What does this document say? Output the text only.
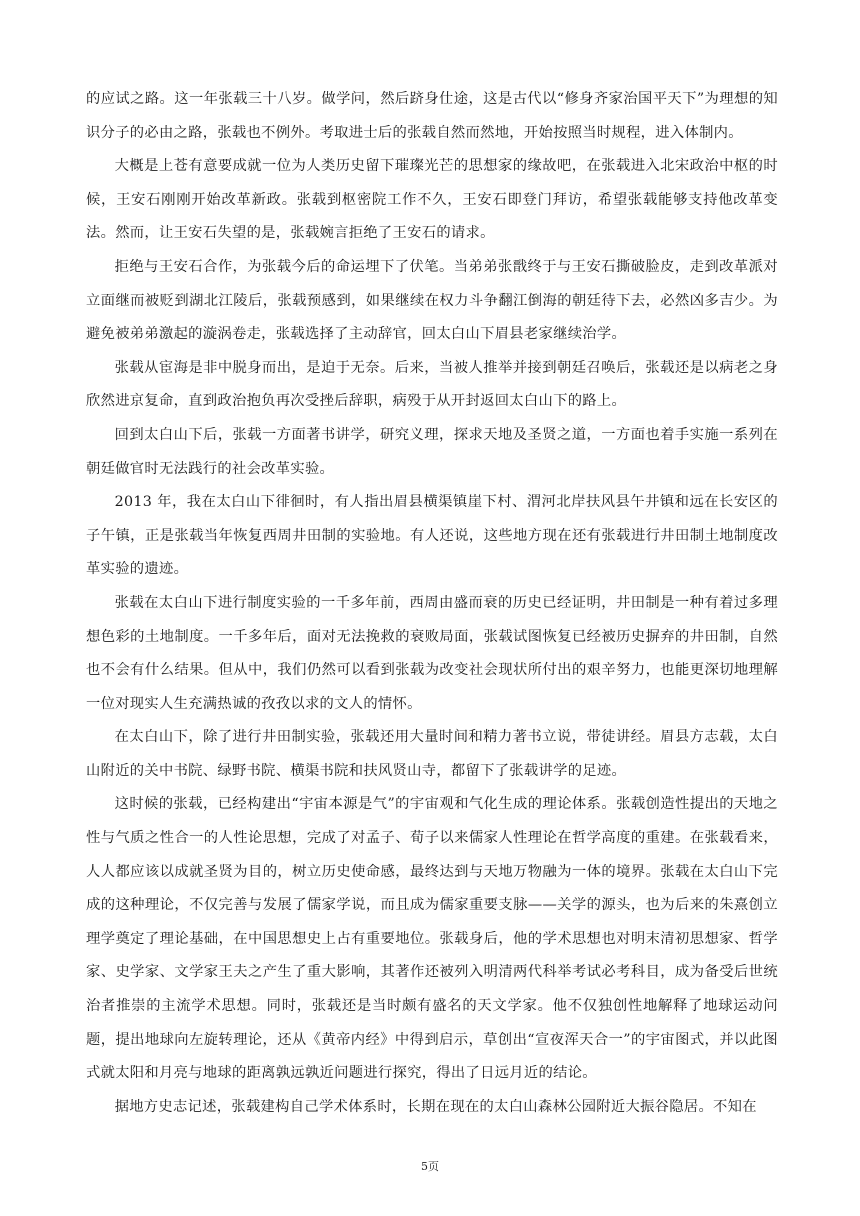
的应试之路。这一年张载三十八岁。做学问，然后跻身仕途，这是古代以“修身齐家治国平天下”为理想的知识分子的必由之路，张载也不例外。考取进士后的张载自然而然地，开始按照当时规程，进入体制内。

大概是上苍有意要成就一位为人类历史留下璀璨光芒的思想家的缘故吧，在张载进入北宋政治中枢的时候，王安石刚刚开始改革新政。张载到枢密院工作不久，王安石即登门拜访，希望张载能够支持他改革变法。然而，让王安石失望的是，张载婉言拒绝了王安石的请求。

拒绝与王安石合作，为张载今后的命运埋下了伏笔。当弟弟张戬终于与王安石撕破脸皮，走到改革派对立面继而被贬到湖北江陵后，张载预感到，如果继续在权力斗争翻江倒海的朝廷待下去，必然凶多吉少。为避免被弟弟激起的漩涡卷走，张载选择了主动辞官，回太白山下眉县老家继续治学。

张载从宦海是非中脱身而出，是迫于无奈。后来，当被人推举并接到朝廷召唤后，张载还是以病老之身欣然进京复命，直到政治抱负再次受挫后辞职，病殁于从开封返回太白山下的路上。

回到太白山下后，张载一方面著书讲学，研究义理，探求天地及圣贤之道，一方面也着手实施一系列在朝廷做官时无法践行的社会改革实验。

2013 年，我在太白山下徘徊时，有人指出眉县横渠镇崖下村、渭河北岸扶风县午井镇和远在长安区的子午镇，正是张载当年恢复西周井田制的实验地。有人还说，这些地方现在还有张载进行井田制土地制度改革实验的遗迹。

张载在太白山下进行制度实验的一千多年前，西周由盛而衰的历史已经证明，井田制是一种有着过多理想色彩的土地制度。一千多年后，面对无法挽救的衰败局面，张载试图恢复已经被历史摒弃的井田制，自然也不会有什么结果。但从中，我们仍然可以看到张载为改变社会现状所付出的艰辛努力，也能更深切地理解一位对现实人生充满热诚的孜孜以求的文人的情怀。

在太白山下，除了进行井田制实验，张载还用大量时间和精力著书立说，带徒讲经。眉县方志载，太白山附近的关中书院、绿野书院、横渠书院和扶风贤山寺，都留下了张载讲学的足迹。

这时候的张载，已经构建出“宇宙本源是气”的宇宙观和气化生成的理论体系。张载创造性提出的天地之性与气质之性合一的人性论思想，完成了对孟子、荀子以来儒家人性理论在哲学高度的重建。在张载看来，人人都应该以成就圣贤为目的，树立历史使命感，最终达到与天地万物融为一体的境界。张载在太白山下完成的这种理论，不仅完善与发展了儒家学说，而且成为儒家重要支脉——关学的源头，也为后来的朱熹创立理学奠定了理论基础，在中国思想史上占有重要地位。张载身后，他的学术思想也对明末清初思想家、哲学家、史学家、文学家王夫之产生了重大影响，其著作还被列入明清两代科举考试必考科目，成为备受后世统治者推崇的主流学术思想。同时，张载还是当时颇有盛名的天文学家。他不仅独创性地解释了地球运动问题，提出地球向左旋转理论，还从《黄帝内经》中得到启示，草创出“宣夜浑天合一”的宇宙图式，并以此图式就太阳和月亮与地球的距离孰远孰近问题进行探究，得出了日远月近的结论。

据地方史志记述，张载建构自己学术体系时，长期在现在的太白山森林公园附近大振谷隐居。不知在

5页
